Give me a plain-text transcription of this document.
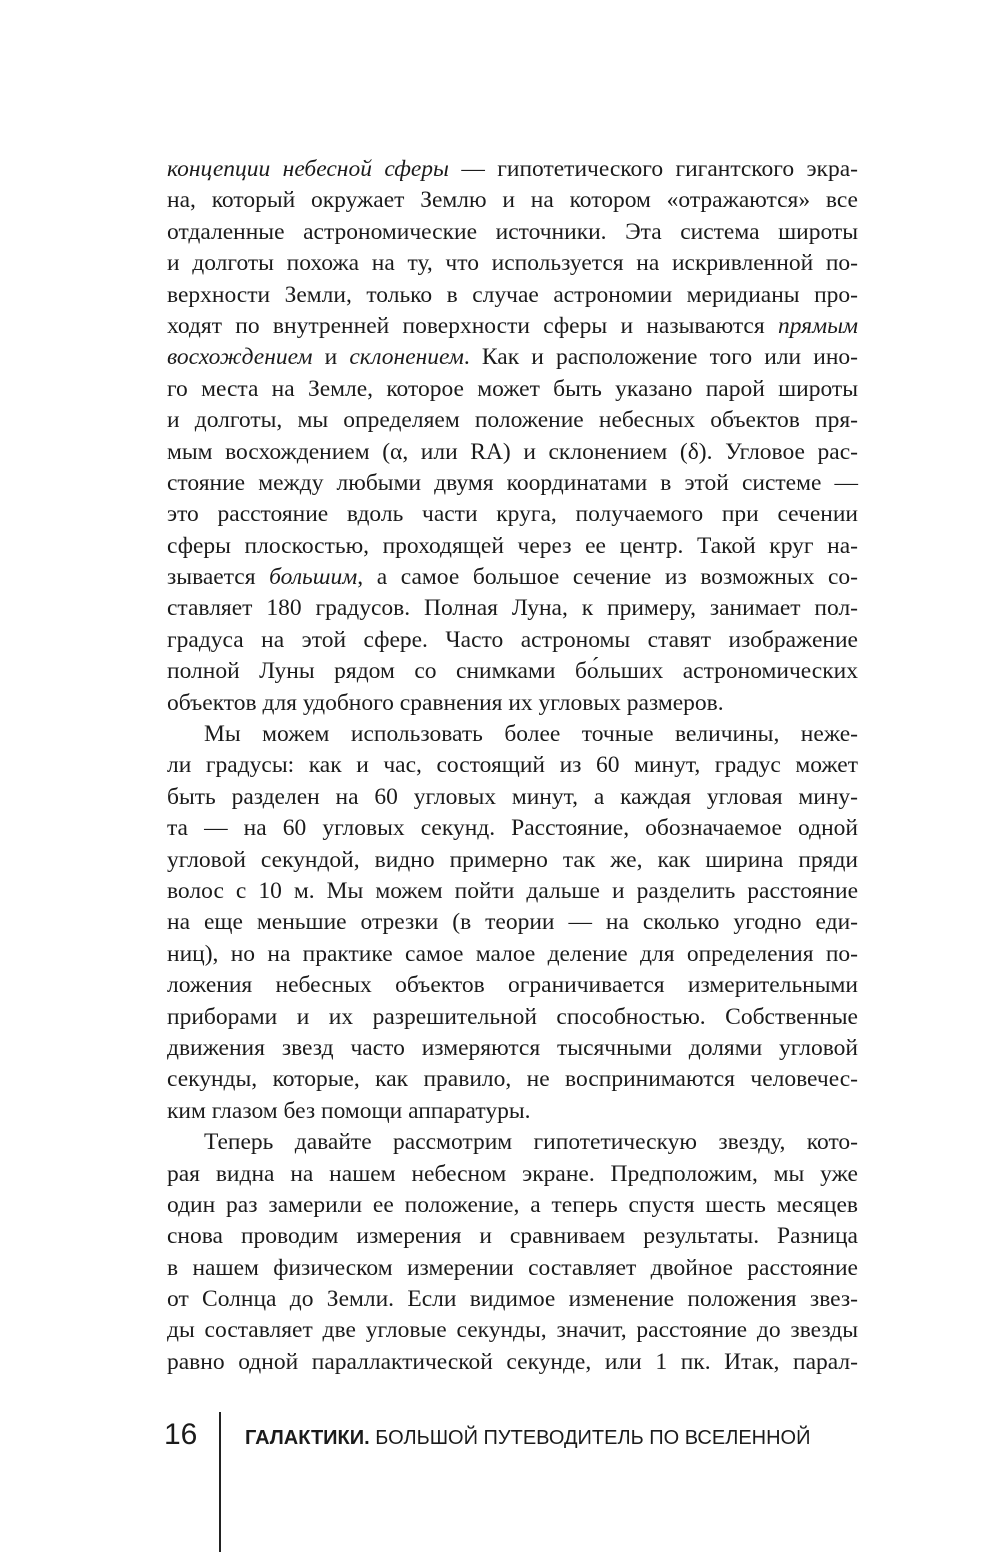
концепции небесной сферы — гипотетического гигантского экра-
на, который окружает Землю и на котором «отражаются» все
отдаленные астрономические источники. Эта система широты
и долготы похожа на ту, что используется на искривленной по-
верхности Земли, только в случае астрономии меридианы про-
ходят по внутренней поверхности сферы и называются прямым
восхождением и склонением. Как и расположение того или ино-
го места на Земле, которое может быть указано парой широты
и долготы, мы определяем положение небесных объектов пря-
мым восхождением (α, или RA) и склонением (δ). Угловое рас-
стояние между любыми двумя координатами в этой системе —
это расстояние вдоль части круга, получаемого при сечении
сферы плоскостью, проходящей через ее центр. Такой круг на-
зывается большим, а самое большое сечение из возможных со-
ставляет 180 градусов. Полная Луна, к примеру, занимает пол-
градуса на этой сфере. Часто астрономы ставят изображение
полной Луны рядом со снимками бо́льших астрономических
объектов для удобного сравнения их угловых размеров.
Мы можем использовать более точные величины, неже-
ли градусы: как и час, состоящий из 60 минут, градус может
быть разделен на 60 угловых минут, а каждая угловая мину-
та — на 60 угловых секунд. Расстояние, обозначаемое одной
угловой секундой, видно примерно так же, как ширина пряди
волос с 10 м. Мы можем пойти дальше и разделить расстояние
на еще меньшие отрезки (в теории — на сколько угодно еди-
ниц), но на практике самое малое деление для определения по-
ложения небесных объектов ограничивается измерительными
приборами и их разрешительной способностью. Собственные
движения звезд часто измеряются тысячными долями угловой
секунды, которые, как правило, не воспринимаются человечес-
ким глазом без помощи аппаратуры.
Теперь давайте рассмотрим гипотетическую звезду, кото-
рая видна на нашем небесном экране. Предположим, мы уже
один раз замерили ее положение, а теперь спустя шесть месяцев
снова проводим измерения и сравниваем результаты. Разница
в нашем физическом измерении составляет двойное расстояние
от Солнца до Земли. Если видимое изменение положения звез-
ды составляет две угловые секунды, значит, расстояние до звезды
равно одной параллактической секунде, или 1 пк. Итак, парал-
16 ГАЛАКТИКИ. БОЛЬШОЙ ПУТЕВОДИТЕЛЬ ПО ВСЕЛЕННОЙ
